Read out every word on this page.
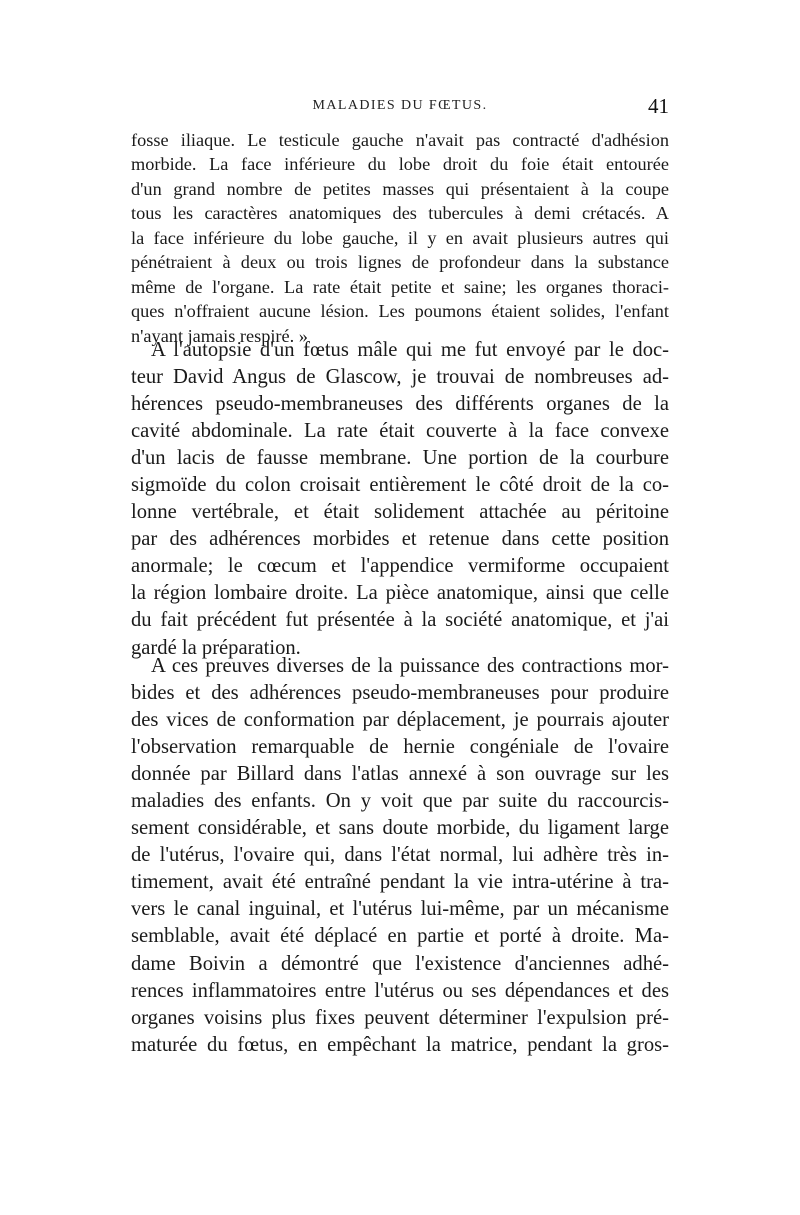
MALADIES DU FŒTUS.	41
fosse iliaque. Le testicule gauche n'avait pas contracté d'adhésion
morbide. La face inférieure du lobe droit du foie était entourée
d'un grand nombre de petites masses qui présentaient à la coupe
tous les caractères anatomiques des tubercules à demi crétacés. A
la face inférieure du lobe gauche, il y en avait plusieurs autres qui
pénétraient à deux ou trois lignes de profondeur dans la substance
même de l'organe. La rate était petite et saine; les organes thoraci-
ques n'offraient aucune lésion. Les poumons étaient solides, l'enfant
n'ayant jamais respiré. »
A l'autopsie d'un fœtus mâle qui me fut envoyé par le doc-
teur David Angus de Glascow, je trouvai de nombreuses ad-
hérences pseudo-membraneuses des différents organes de la
cavité abdominale. La rate était couverte à la face convexe
d'un lacis de fausse membrane. Une portion de la courbure
sigmoïde du colon croisait entièrement le côté droit de la co-
lonne vertébrale, et était solidement attachée au péritoine
par des adhérences morbides et retenue dans cette position
anormale; le cœcum et l'appendice vermiforme occupaient
la région lombaire droite. La pièce anatomique, ainsi que celle
du fait précédent fut présentée à la société anatomique, et j'ai
gardé la préparation.
A ces preuves diverses de la puissance des contractions mor-
bides et des adhérences pseudo-membraneuses pour produire
des vices de conformation par déplacement, je pourrais ajouter
l'observation remarquable de hernie congéniale de l'ovaire
donnée par Billard dans l'atlas annexé à son ouvrage sur les
maladies des enfants. On y voit que par suite du raccourcis-
sement considérable, et sans doute morbide, du ligament large
de l'utérus, l'ovaire qui, dans l'état normal, lui adhère très in-
timement, avait été entraîné pendant la vie intra-utérine à tra-
vers le canal inguinal, et l'utérus lui-même, par un mécanisme
semblable, avait été déplacé en partie et porté à droite. Ma-
dame Boivin a démontré que l'existence d'anciennes adhé-
rences inflammatoires entre l'utérus ou ses dépendances et des
organes voisins plus fixes peuvent déterminer l'expulsion pré-
maturée du fœtus, en empêchant la matrice, pendant la gros-
